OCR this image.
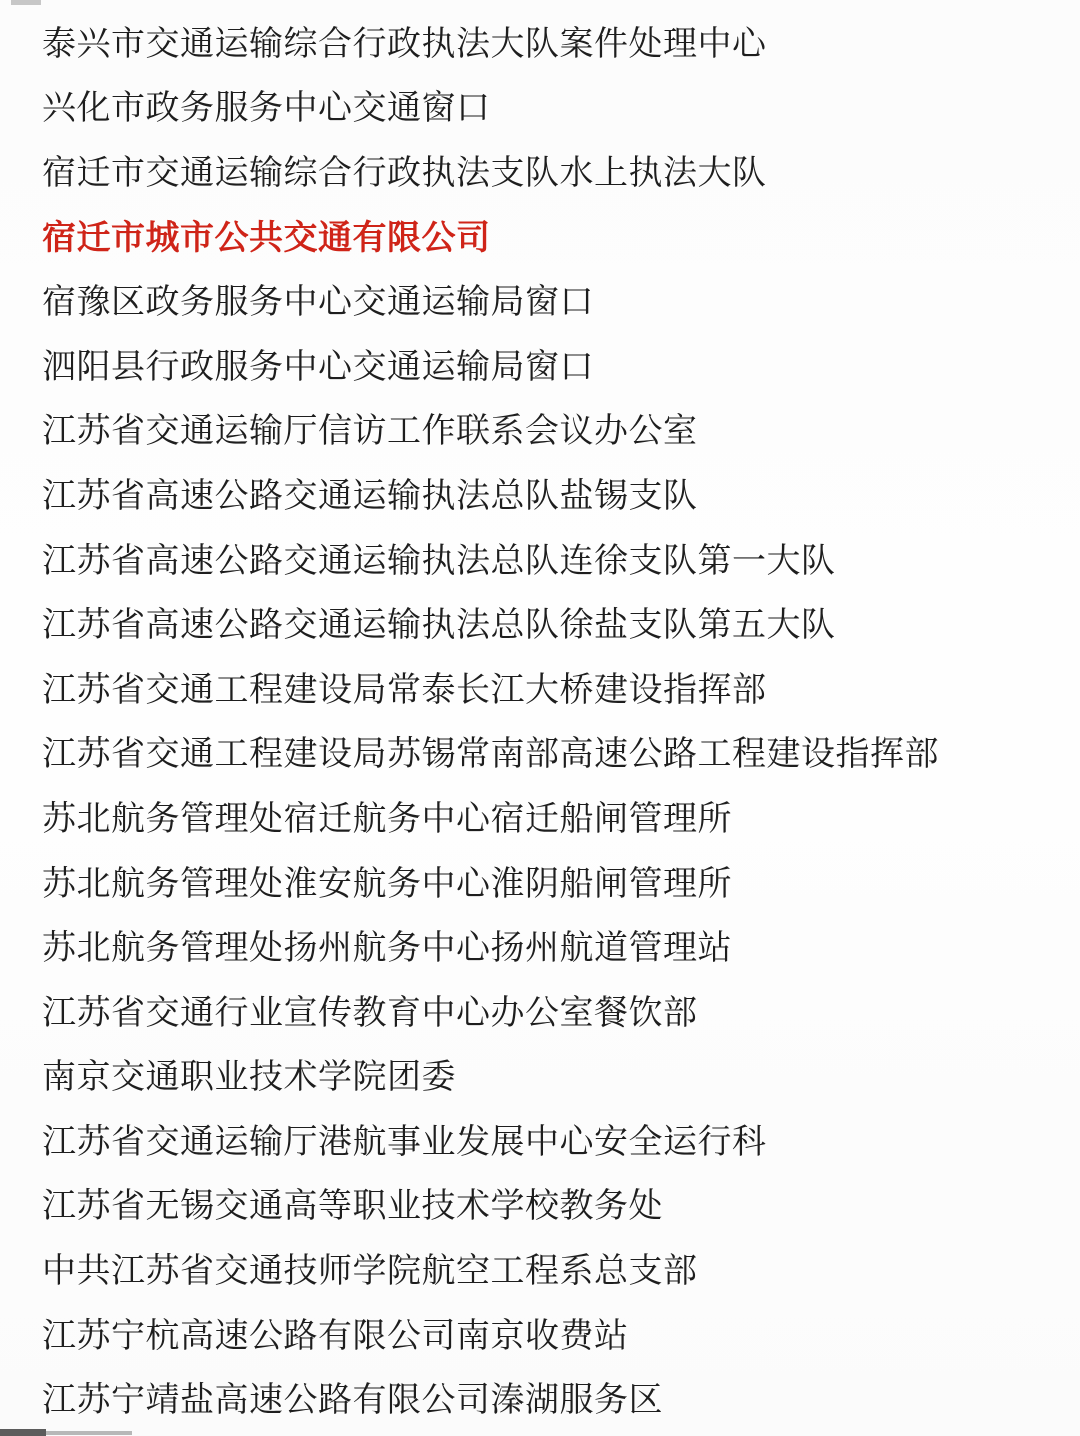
泰兴市交通运输综合行政执法大队案件处理中心
兴化市政务服务中心交通窗口
宿迁市交通运输综合行政执法支队水上执法大队
宿迁市城市公共交通有限公司
宿豫区政务服务中心交通运输局窗口
泗阳县行政服务中心交通运输局窗口
江苏省交通运输厅信访工作联系会议办公室
江苏省高速公路交通运输执法总队盐锡支队
江苏省高速公路交通运输执法总队连徐支队第一大队
江苏省高速公路交通运输执法总队徐盐支队第五大队
江苏省交通工程建设局常泰长江大桥建设指挥部
江苏省交通工程建设局苏锡常南部高速公路工程建设指挥部
苏北航务管理处宿迁航务中心宿迁船闸管理所
苏北航务管理处淮安航务中心淮阴船闸管理所
苏北航务管理处扬州航务中心扬州航道管理站
江苏省交通行业宣传教育中心办公室餐饮部
南京交通职业技术学院团委
江苏省交通运输厅港航事业发展中心安全运行科
江苏省无锡交通高等职业技术学校教务处
中共江苏省交通技师学院航空工程系总支部
江苏宁杭高速公路有限公司南京收费站
江苏宁靖盐高速公路有限公司溱湖服务区
